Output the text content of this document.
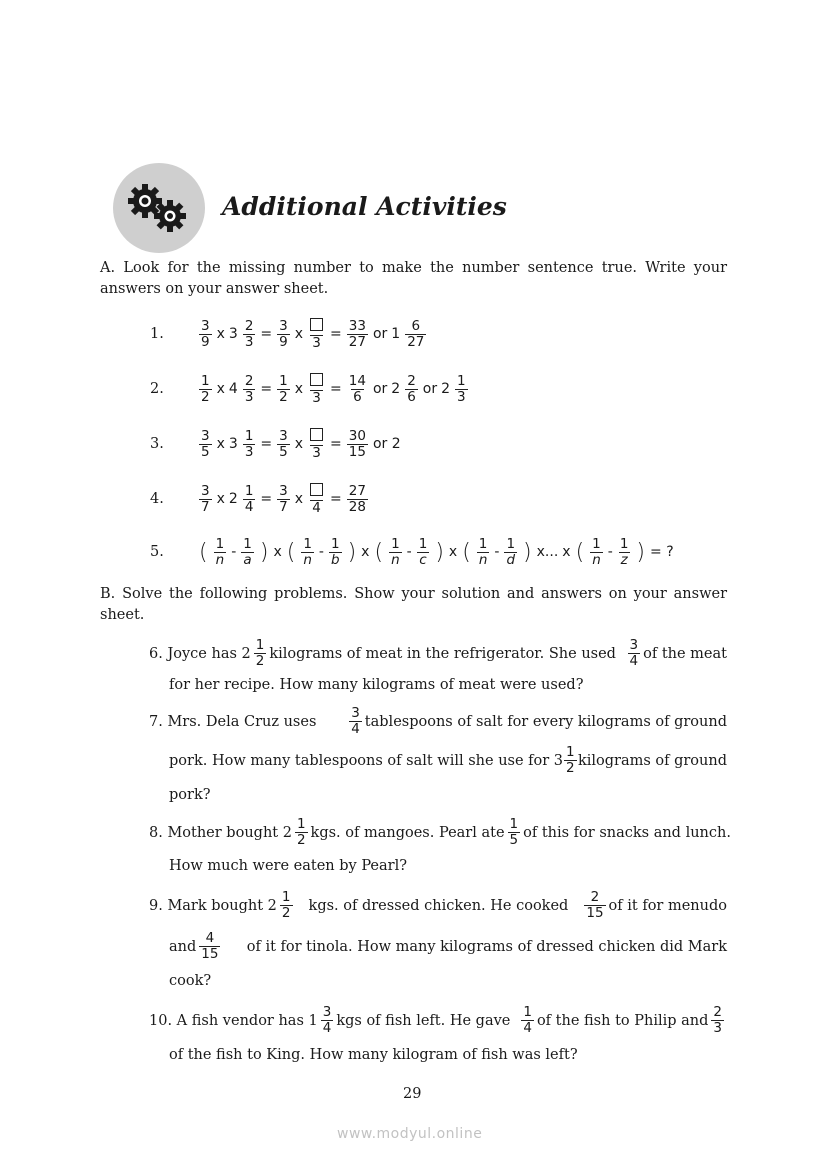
Additional Activities
A. Look for the missing number to make the number sentence true. Write your answers on your answer sheet.
1.	$\frac{3}{9}$ x $3 \frac{2}{3} = \frac{3}{9}$ x
3
= $\frac{33}{27}$ or $1 \frac{6}{27}$
2.	$\frac{1}{2}$ x $4 \frac{2}{3} = \frac{1}{2}$ x
3
= $\frac{14}{6}$ or $2 \frac{2}{6}$ or $2 \frac{1}{3}$
3.	$\frac{3}{5}$ x $3 \frac{1}{3} = \frac{3}{5}$ x
3
= $\frac{30}{15}$ or 2
4.	$\frac{3}{7}$ x $2 \frac{1}{4} = \frac{3}{7}$ x
4
= $\frac{27}{28}$
5. ( $\frac{1}{n} - \frac{1}{a}$ ) x ( $\frac{1}{n} - \frac{1}{b}$ ) x ( $\frac{1}{n} - \frac{1}{c}$ ) x ( $\frac{1}{n} - \frac{1}{d}$ ) x... x ( $\frac{1}{n} - \frac{1}{z}$ ) = ?
B. Solve the following problems. Show your solution and answers on your answer sheet.
6. Joyce has $2 \frac{1}{2}$ kilograms of meat in the refrigerator. She used $\frac{3}{4}$ of the meat
for her recipe. How many kilograms of meat were used?
7. Mrs. Dela Cruz uses $\frac{3}{4}$ tablespoons of salt for every kilograms of ground
pork. How many tablespoons of salt will she use for $3 \frac{1}{2}$ kilograms of ground
pork?
8. Mother bought $2 \frac{1}{2}$ kgs. of mangoes. Pearl ate $\frac{1}{5}$ of this for snacks and lunch.
How much were eaten by Pearl?
9. Mark bought $2 \frac{1}{2}$ kgs. of dressed chicken. He cooked $\frac{2}{15}$ of it for menudo
and $\frac{4}{15}$ of it for tinola. How many kilograms of dressed chicken did Mark
cook?
10. A fish vendor has $1 \frac{3}{4}$ kgs of fish left. He gave $\frac{1}{4}$ of the fish to Philip and $\frac{2}{3}$
of the fish to King. How many kilogram of fish was left?
29
www.modyul.online
